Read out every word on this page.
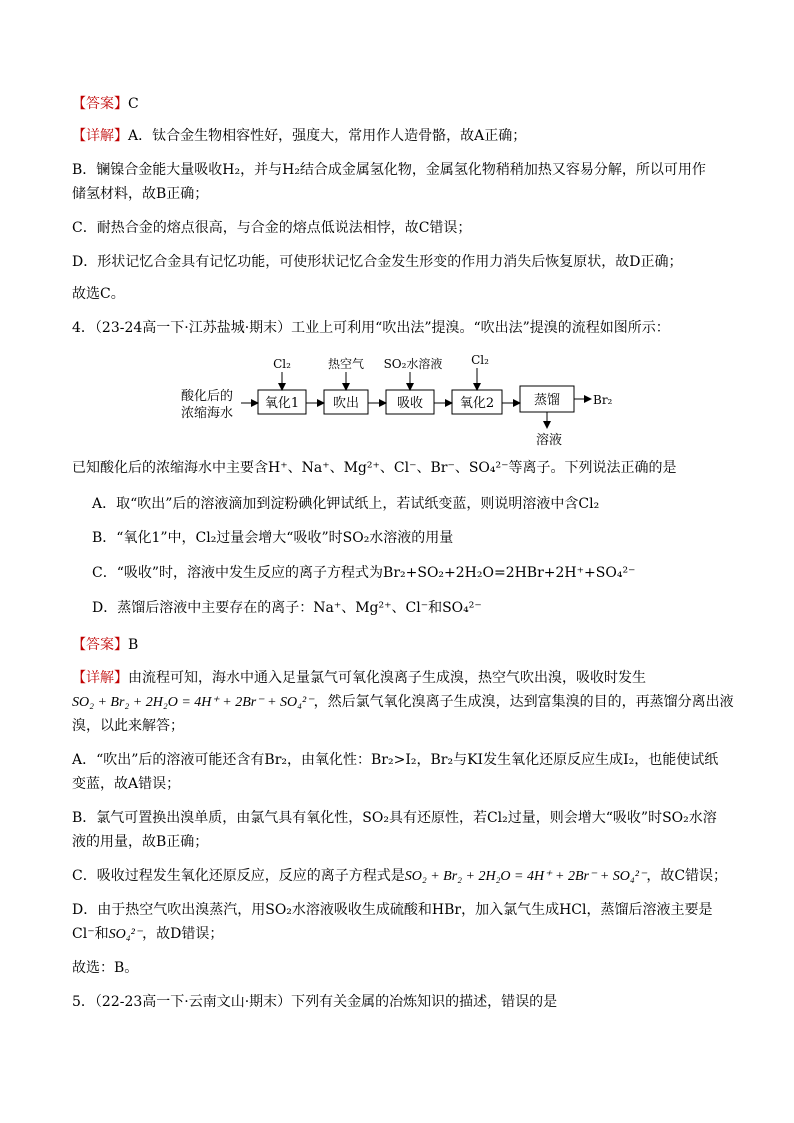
【答案】C
【详解】A．钛合金生物相容性好，强度大，常用作人造骨骼，故A正确；
B．镧镍合金能大量吸收H₂，并与H₂结合成金属氢化物，金属氢化物稍稍加热又容易分解，所以可用作
储氢材料，故B正确；
C．耐热合金的熔点很高，与合金的熔点低说法相悖，故C错误；
D．形状记忆合金具有记忆功能，可使形状记忆合金发生形变的作用力消失后恢复原状，故D正确；
故选C。
4．（23-24高一下·江苏盐城·期末）工业上可利用“吹出法”提溴。“吹出法”提溴的流程如图所示：
酸化后的
浓缩海水
氧化1	吹出	吸收	氧化2	蒸馏
Cl₂	热空气 SO₂水溶液 Cl₂
Br₂
溶液
已知酸化后的浓缩海水中主要含H⁺、Na⁺、Mg²⁺、Cl⁻、Br⁻、SO₄²⁻等离子。下列说法正确的是
A．取“吹出”后的溶液滴加到淀粉碘化钾试纸上，若试纸变蓝，则说明溶液中含Cl₂
B．“氧化1”中，Cl₂过量会增大“吸收”时SO₂水溶液的用量
C．“吸收”时，溶液中发生反应的离子方程式为Br₂+SO₂+2H₂O=2HBr+2H⁺+SO₄²⁻
D．蒸馏后溶液中主要存在的离子：Na⁺、Mg²⁺、Cl⁻和SO₄²⁻
【答案】B
【详解】由流程可知，海水中通入足量氯气可氧化溴离子生成溴，热空气吹出溴，吸收时发生
SO₂ + Br₂ + 2H₂O = 4H⁺ + 2Br⁻ + SO₄²⁻，然后氯气氧化溴离子生成溴，达到富集溴的目的，再蒸馏分离出液
溴，以此来解答；
A．“吹出”后的溶液可能还含有Br₂，由氧化性：Br₂>I₂，Br₂与KI发生氧化还原反应生成I₂，也能使试纸
变蓝，故A错误；
B．氯气可置换出溴单质，由氯气具有氧化性，SO₂具有还原性，若Cl₂过量，则会增大“吸收”时SO₂水溶
液的用量，故B正确；
C．吸收过程发生氧化还原反应，反应的离子方程式是SO₂ + Br₂ + 2H₂O = 4H⁺ + 2Br⁻ + SO₄²⁻，故C错误；
D．由于热空气吹出溴蒸汽，用SO₂水溶液吸收生成硫酸和HBr，加入氯气生成HCl，蒸馏后溶液主要是
Cl⁻和SO₄²⁻，故D错误；
故选：B。
5．（22-23高一下·云南文山·期末）下列有关金属的冶炼知识的描述，错误的是
